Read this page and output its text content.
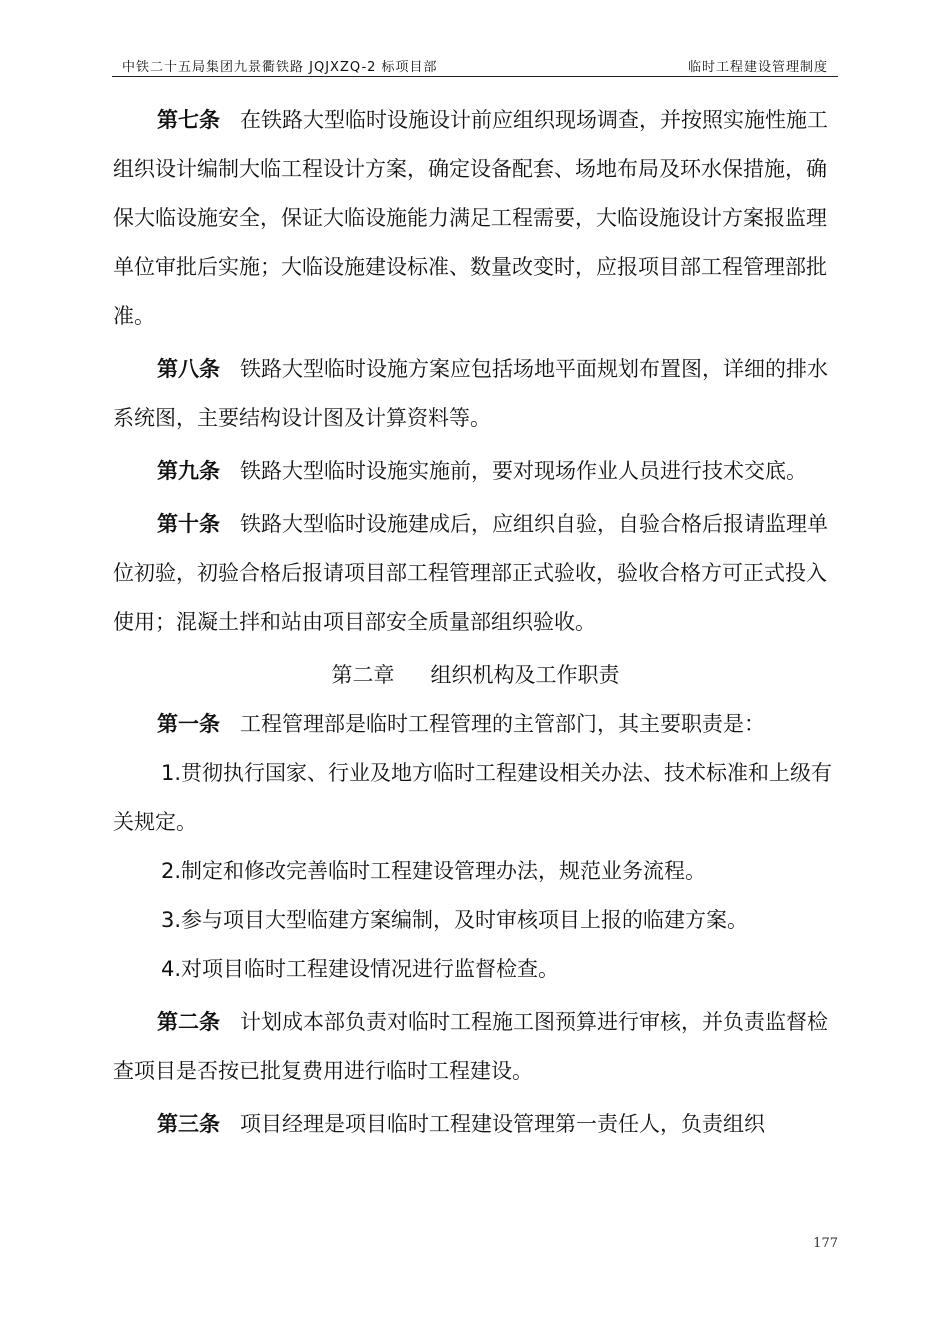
中铁二十五局集团九景衢铁路 JQJXZQ-2 标项目部	临时工程建设管理制度

第七条 在铁路大型临时设施设计前应组织现场调查，并按照实施性施工组织设计编制大临工程设计方案，确定设备配套、场地布局及环水保措施，确保大临设施安全，保证大临设施能力满足工程需要，大临设施设计方案报监理单位审批后实施；大临设施建设标准、数量改变时，应报项目部工程管理部批准。

第八条 铁路大型临时设施方案应包括场地平面规划布置图，详细的排水系统图，主要结构设计图及计算资料等。

第九条 铁路大型临时设施实施前，要对现场作业人员进行技术交底。

第十条 铁路大型临时设施建成后，应组织自验，自验合格后报请监理单位初验，初验合格后报请项目部工程管理部正式验收，验收合格方可正式投入使用；混凝土拌和站由项目部安全质量部组织验收。

第二章 组织机构及工作职责

第一条 工程管理部是临时工程管理的主管部门，其主要职责是：

1.贯彻执行国家、行业及地方临时工程建设相关办法、技术标准和上级有关规定。

2.制定和修改完善临时工程建设管理办法，规范业务流程。

3.参与项目大型临建方案编制，及时审核项目上报的临建方案。

4.对项目临时工程建设情况进行监督检查。

第二条 计划成本部负责对临时工程施工图预算进行审核，并负责监督检查项目是否按已批复费用进行临时工程建设。

第三条 项目经理是项目临时工程建设管理第一责任人，负责组织

177
